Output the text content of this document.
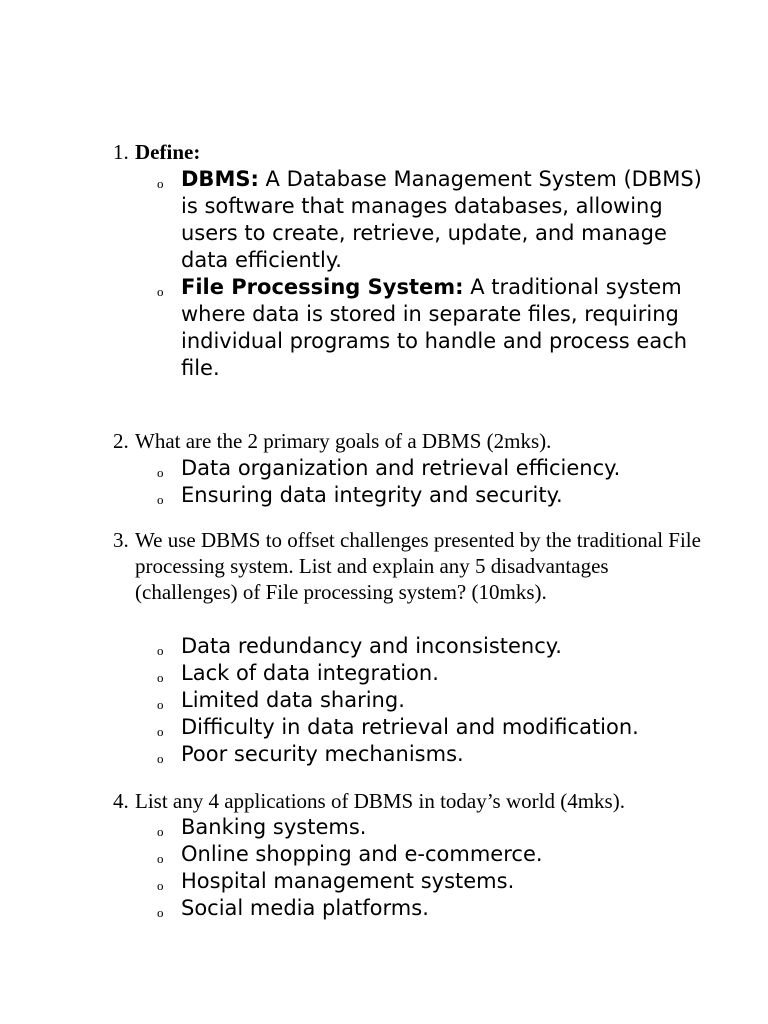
1. Define:
o DBMS: A Database Management System (DBMS) is software that manages databases, allowing users to create, retrieve, update, and manage data efficiently.
o File Processing System: A traditional system where data is stored in separate files, requiring individual programs to handle and process each file.
2. What are the 2 primary goals of a DBMS (2mks).
o Data organization and retrieval efficiency.
o Ensuring data integrity and security.
3. We use DBMS to offset challenges presented by the traditional File processing system. List and explain any 5 disadvantages (challenges) of File processing system? (10mks).
o Data redundancy and inconsistency.
o Lack of data integration.
o Limited data sharing.
o Difficulty in data retrieval and modification.
o Poor security mechanisms.
4. List any 4 applications of DBMS in today’s world (4mks).
o Banking systems.
o Online shopping and e-commerce.
o Hospital management systems.
o Social media platforms.
